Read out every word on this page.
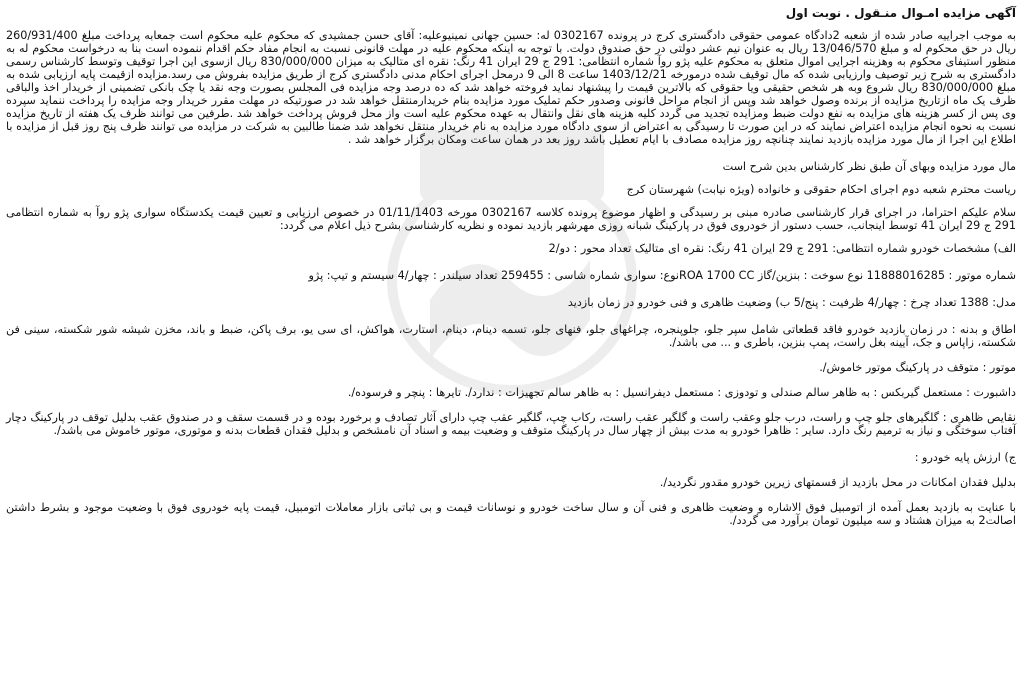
آگهی مزایده امـوال منـقول . نوبت اول

به موجب اجراییه صادر شده از شعبه 2دادگاه عمومی حقوقی دادگستری کرج در پرونده 0302167 له: حسین جهانی نمینیوعلیه: آقای حسن جمشیدی که محکوم علیه محکوم است جمعابه پرداخت مبلغ 260/931/400 ریال در حق محکوم له و مبلغ 13/046/570 ریال به عنوان نیم عشر دولتی در حق صندوق دولت. با توجه به اینکه محکوم علیه در مهلت قانونی نسبت به انجام مفاد حکم اقدام ننموده است بنا به درخواست محکوم له به منظور استیفای محکوم به وهزینه اجرایی اموال متعلق به محکوم علیه پژو روآ شماره انتظامی: 291 ج 29 ایران 41 رنگ: نقره ای متالیک به میزان 830/000/000 ریال ازسوی این اجرا توقیف وتوسط کارشناس رسمی دادگستری به شرح زیر توصیف وارزیابی شده که مال توقیف شده درمورخه 1403/12/21 ساعت 8 الی 9 درمحل اجرای احکام مدنی دادگستری کرج از طریق مزایده بفروش می رسد.مزایده ازقیمت پایه ارزیابی شده به مبلغ 830/000/000 ریال شروع وبه هر شخص حقیقی ویا حقوقی که بالاترین قیمت را پیشنهاد نماید فروخته خواهد شد که ده درصد وجه مزایده فی المجلس بصورت وجه نقد یا چک بانکی تضمینی از خریدار اخذ والباقی ظرف یک ماه ازتاریخ مزایده از برنده وصول خواهد شد وپس از انجام مراحل قانونی وصدور حکم تملیک مورد مزایده بنام خریدارمنتقل خواهد شد در صورتیکه در مهلت مقرر خریدار وجه مزایده را پرداخت ننماید سپرده وی پس از کسر هزینه های مزایده به نفع دولت ضبط ومزایده تجدید می گردد کلیه هزینه های نقل وانتقال به عهده محکوم علیه است واز محل فروش پرداخت خواهد شد .طرفین می توانند ظرف یک هفته از تاریخ مزایده نسبت به نحوه انجام مزایده اعتراض نمایند که در این صورت تا رسیدگی به اعتراض از سوی دادگاه مورد مزایده به نام خریدار منتقل نخواهد شد ضمنا طالبین به شرکت در مزایده می توانند ظرف پنج روز قبل از مزایده با اطلاع این اجرا از مال مورد مزایده بازدید نمایند چنانچه روز مزایده مصادف با ایام تعطیل باشد روز بعد در همان ساعت ومکان برگزار خواهد شد .

مال مورد مزایده وبهای آن طبق نظر کارشناس بدین شرح است

ریاست محترم شعبه دوم اجرای احکام حقوقی و خانواده (ویژه نیابت) شهرستان کرج

سلام علیکم احتراما، در اجرای قرار کارشناسی صادره مبنی بر رسیدگی و اظهار موضوع پرونده کلاسه 0302167 مورخه 01/11/1403 در خصوص ارزیابی و تعیین قیمت یکدستگاه سواری پژو روآ به شماره انتظامی 291 ج 29 ایران 41 توسط اینجانب، حسب دستور از خودروی فوق در پارکینگ شبانه روزی مهرشهر بازدید نموده و نظریه کارشناسی بشرح ذیل اعلام می گردد:

الف) مشخصات خودرو شماره انتظامی: 291 ج 29 ایران 41 رنگ: نقره ای متالیک تعداد محور : دو/2

شماره موتور : 11888016285 نوع سوخت : بنزین/گاز ROA 1700 CCنوع: سواری شماره شاسی : 259455 تعداد سیلندر : چهار/4 سیستم و تیپ: پژو

مدل: 1388 تعداد چرخ : چهار/4 ظرفیت : پنج/5 ب) وضعیت ظاهری و فنی خودرو در زمان بازدید

اطاق و بدنه : در زمان بازدید خودرو فاقد قطعاتی شامل سپر جلو، جلوپنجره، چراغهای جلو، فنهای جلو، تسمه دینام، دینام، استارت، هواکش، ای سی یو، برف پاکن، ضبط و باند، مخزن شیشه شور شکسته، سینی فن شکسته، زاپاس و جک، آیینه بغل راست، پمپ بنزین، باطری و ... می باشد/.

موتور : متوقف در پارکینگ موتور خاموش/.

داشبورت : مستعمل گیربکس : به ظاهر سالم صندلی و تودوزی : مستعمل دیفرانسیل : به ظاهر سالم تجهیزات : ندارد/. تایرها : پنچر و فرسوده/.

نقایص ظاهری : گلگیرهای جلو چپ و راست، درب جلو وعقب راست و گلگیر عقب راست، رکاب چپ، گلگیر عقب چپ دارای آثار تصادف و برخورد بوده و در قسمت سقف و در صندوق عقب بدلیل توقف در پارکینگ دچار آفتاب سوختگی و نیاز به ترمیم رنگ دارد. سایر : ظاهرا خودرو به مدت بیش از چهار سال در پارکینگ متوقف و وضعیت بیمه و اسناد آن نامشخص و بدلیل فقدان قطعات بدنه و موتوری، موتور خاموش می باشد/.

ج) ارزش پایه خودرو :

بدلیل فقدان امکانات در محل بازدید از قسمتهای زیرین خودرو مقدور نگردید/.

با عنایت به بازدید بعمل آمده از اتومبیل فوق الاشاره و وضعیت ظاهری و فنی آن و سال ساخت خودرو و نوسانات قیمت و بی ثباتی بازار معاملات اتومبیل، قیمت پایه خودروی فوق با وضعیت موجود و بشرط داشتن اصالت2 به میزان هشتاد و سه میلیون تومان برآورد می گردد/.
